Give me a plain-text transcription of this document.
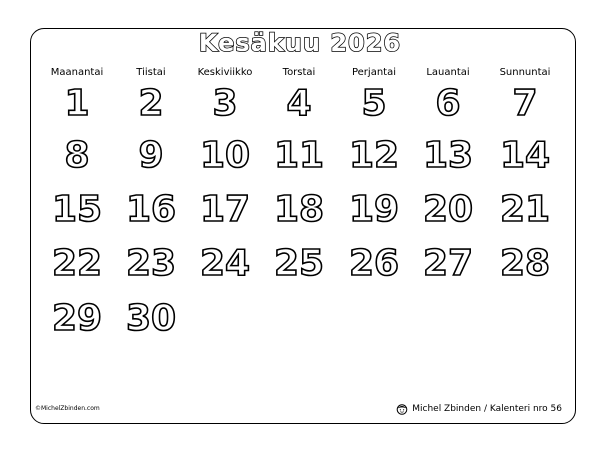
Kesäkuu 2026
Maanantai	Tiistai	Keskiviikko	Torstai	Perjantai	Lauantai	Sunnuntai
1	2	3	4	5	6	7
8	9	10 11 12 13 14
15 16 17 18 19 20 21
22 23 24 25 26 27 28
29 30
©MichelZbinden.com	Michel Zbinden / Kalenteri nro 56
